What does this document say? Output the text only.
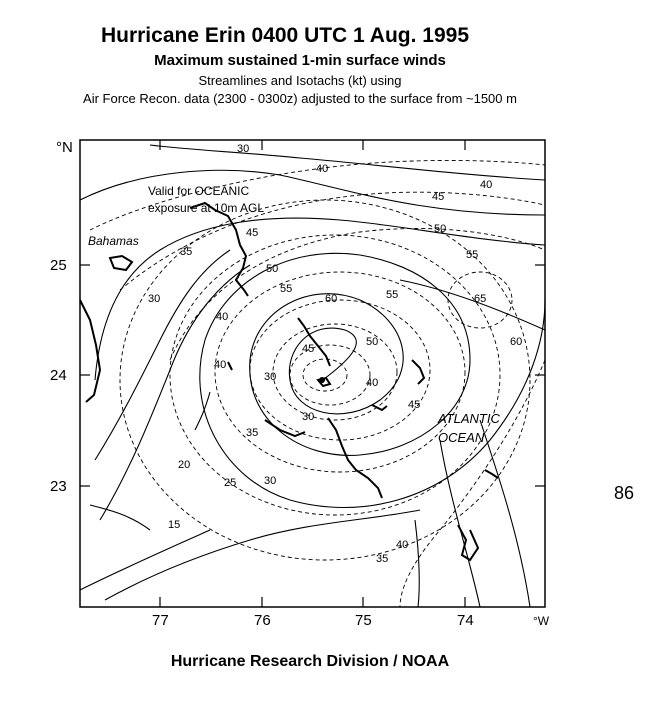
Hurricane Erin 0400 UTC 1 Aug. 1995
Maximum sustained 1-min surface winds
Streamlines and Isotachs (kt) using
Air Force Recon. data (2300 - 0300z) adjusted to the surface from ~1500 m
°N
25
24
23
77	76	75	74	°W
30
40
40
45
50
55
65
60
55
60
50
45
40
35
30
25
20
15
35
40
45
50
55
30
30
30
40
35
45
40
Valid for OCEANIC
exposure at 10m AGL
Bahamas
ATLANTIC
OCEAN
86
Hurricane Research Division / NOAA
